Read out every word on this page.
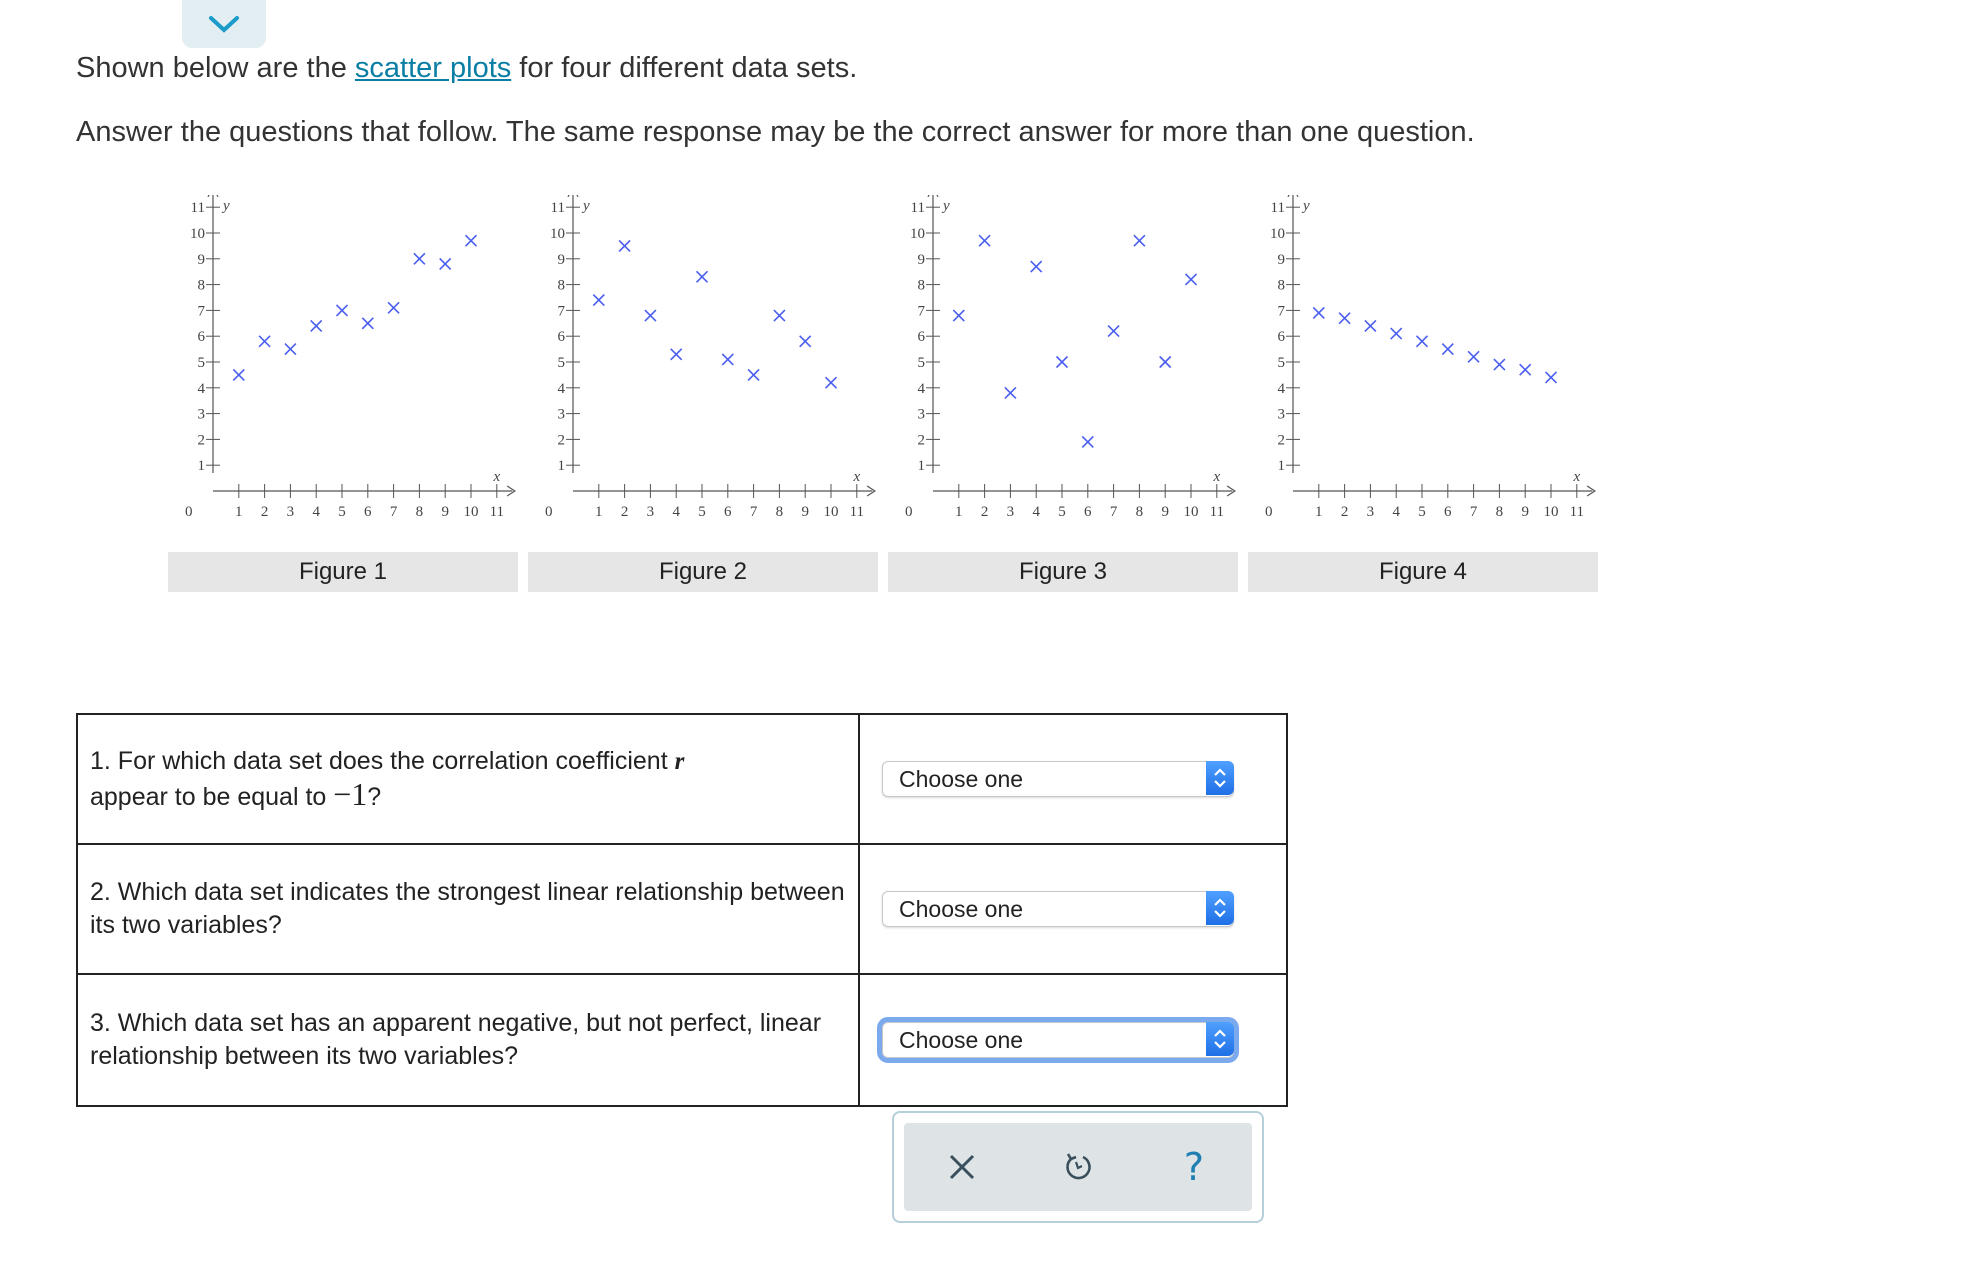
Shown below are the scatter plots for four different data sets.
Answer the questions that follow. The same response may be the correct answer for more than one question.
1
1
2
2
3
3
4
4
5
5
6
6
7
7
8
8
9
9
10
10
11
11
0
x
y
1
1
2
2
3
3
4
4
5
5
6
6
7
7
8
8
9
9
10
10
11
11
0
x
y
1
1
2
2
3
3
4
4
5
5
6
6
7
7
8
8
9
9
10
10
11
11
0
x
y
1
1
2
2
3
3
4
4
5
5
6
6
7
7
8
8
9
9
10
10
11
11
0
x
y
Figure 1	Figure 2	Figure 3	Figure 4
1. For which data set does the correlation coefficient r
appear to be equal to −1?	Choose one

2. Which data set indicates the strongest linear relationship between its two variables?	Choose one

3. Which data set has an apparent negative, but not perfect, linear relationship between its two variables?	Choose one
?
